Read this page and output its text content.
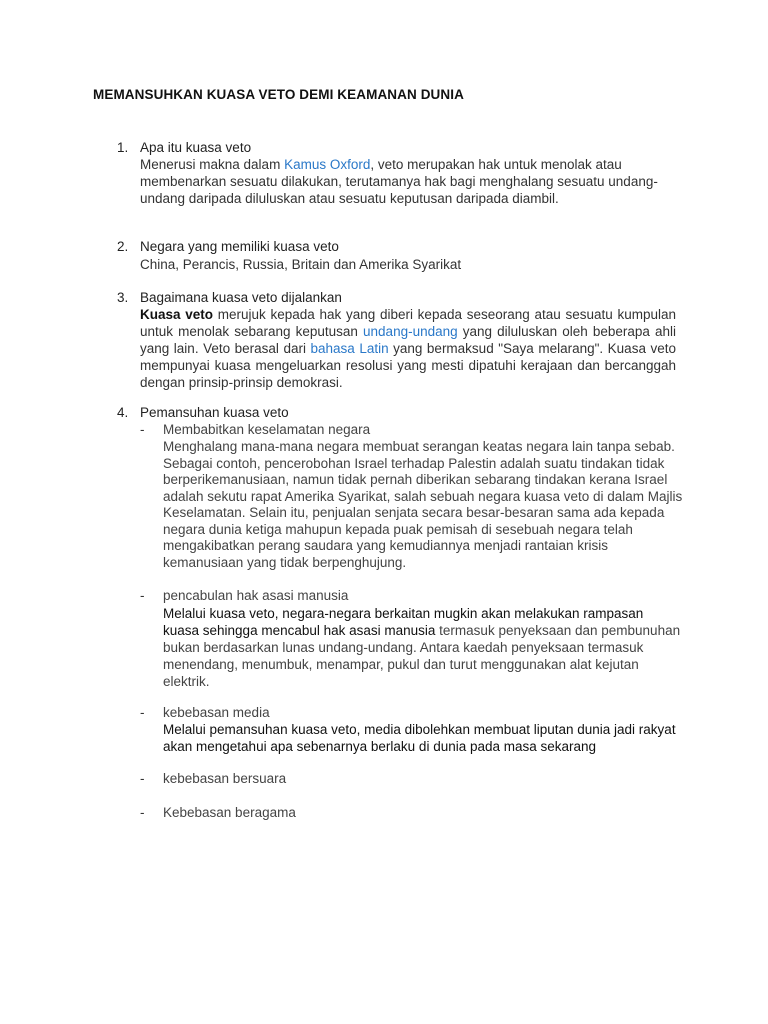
MEMANSUHKAN KUASA VETO DEMI KEAMANAN DUNIA
1. Apa itu kuasa veto
Menerusi makna dalam Kamus Oxford, veto merupakan hak untuk menolak atau membenarkan sesuatu dilakukan, terutamanya hak bagi menghalang sesuatu undang-undang daripada diluluskan atau sesuatu keputusan daripada diambil.
2. Negara yang memiliki kuasa veto
China, Perancis, Russia, Britain dan Amerika Syarikat
3. Bagaimana kuasa veto dijalankan
Kuasa veto merujuk kepada hak yang diberi kepada seseorang atau sesuatu kumpulan untuk menolak sebarang keputusan undang-undang yang diluluskan oleh beberapa ahli yang lain. Veto berasal dari bahasa Latin yang bermaksud "Saya melarang". Kuasa veto mempunyai kuasa mengeluarkan resolusi yang mesti dipatuhi kerajaan dan bercanggah dengan prinsip-prinsip demokrasi.
4. Pemansuhan kuasa veto
- Membabitkan keselamatan negara
Menghalang mana-mana negara membuat serangan keatas negara lain tanpa sebab. Sebagai contoh, pencerobohan Israel terhadap Palestin adalah suatu tindakan tidak berperikemanusiaan, namun tidak pernah diberikan sebarang tindakan kerana Israel adalah sekutu rapat Amerika Syarikat, salah sebuah negara kuasa veto di dalam Majlis Keselamatan. Selain itu, penjualan senjata secara besar-besaran sama ada kepada negara dunia ketiga mahupun kepada puak pemisah di sesebuah negara telah mengakibatkan perang saudara yang kemudiannya menjadi rantaian krisis kemanusiaan yang tidak berpenghujung.
- pencabulan hak asasi manusia
Melalui kuasa veto, negara-negara berkaitan mugkin akan melakukan rampasan kuasa sehingga mencabul hak asasi manusia termasuk penyeksaan dan pembunuhan bukan berdasarkan lunas undang-undang. Antara kaedah penyeksaan termasuk menendang, menumbuk, menampar, pukul dan turut menggunakan alat kejutan elektrik.
- kebebasan media
Melalui pemansuhan kuasa veto, media dibolehkan membuat liputan dunia jadi rakyat akan mengetahui apa sebenarnya berlaku di dunia pada masa sekarang
- kebebasan bersuara
- Kebebasan beragama
